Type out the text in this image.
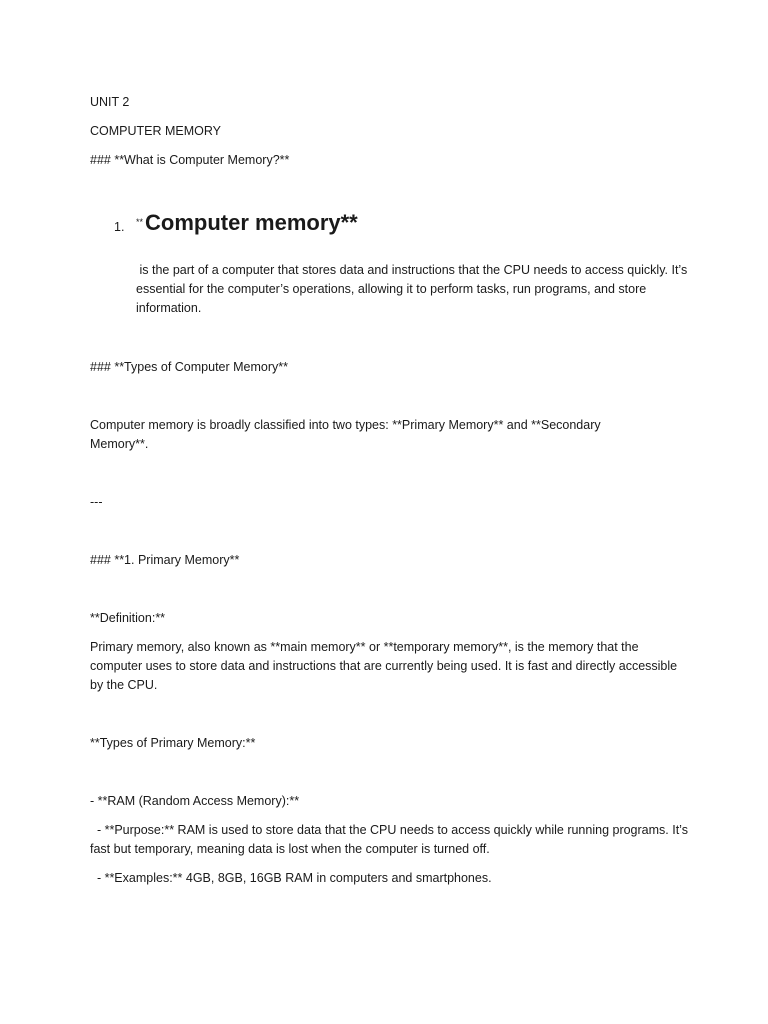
UNIT 2
COMPUTER MEMORY
### **What is Computer Memory?**
1. **Computer memory**
is the part of a computer that stores data and instructions that the CPU needs to access quickly. It’s essential for the computer’s operations, allowing it to perform tasks, run programs, and store information.
### **Types of Computer Memory**
Computer memory is broadly classified into two types: **Primary Memory** and **Secondary Memory**.
---
### **1. Primary Memory**
**Definition:**
Primary memory, also known as **main memory** or **temporary memory**, is the memory that the computer uses to store data and instructions that are currently being used. It is fast and directly accessible by the CPU.
**Types of Primary Memory:**
- **RAM (Random Access Memory):**
- **Purpose:** RAM is used to store data that the CPU needs to access quickly while running programs. It’s fast but temporary, meaning data is lost when the computer is turned off.
- **Examples:** 4GB, 8GB, 16GB RAM in computers and smartphones.
